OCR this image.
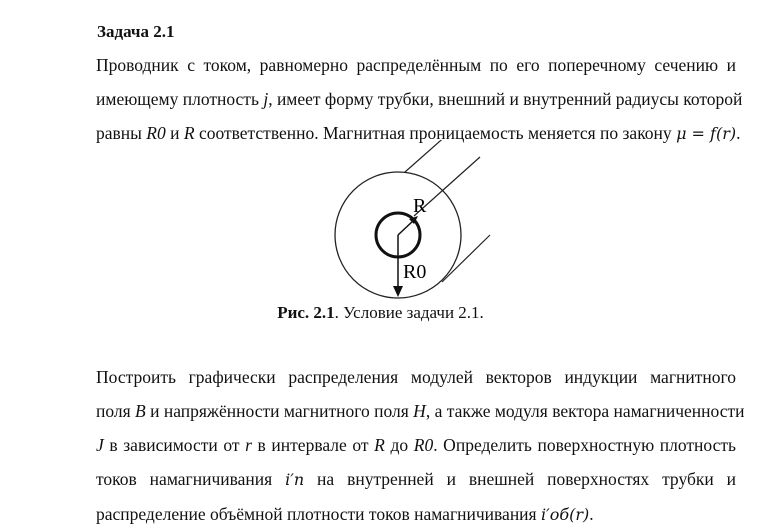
Задача 2.1
Проводник с током, равномерно распределённым по его поперечному сечению и
имеющему плотность j, имеет форму трубки, внешний и внутренний радиусы которой
равны R0 и R соответственно. Магнитная проницаемость меняется по закону μ = f(r).
R
R0
Рис. 2.1. Условие задачи 2.1.
Построить графически распределения модулей векторов индукции магнитного
поля B и напряжённости магнитного поля H, а также модуля вектора намагниченности
J в зависимости от r в интервале от R до R0. Определить поверхностную плотность
токов намагничивания i′п на внутренней и внешней поверхностях трубки и
распределение объёмной плотности токов намагничивания i′об(r).
